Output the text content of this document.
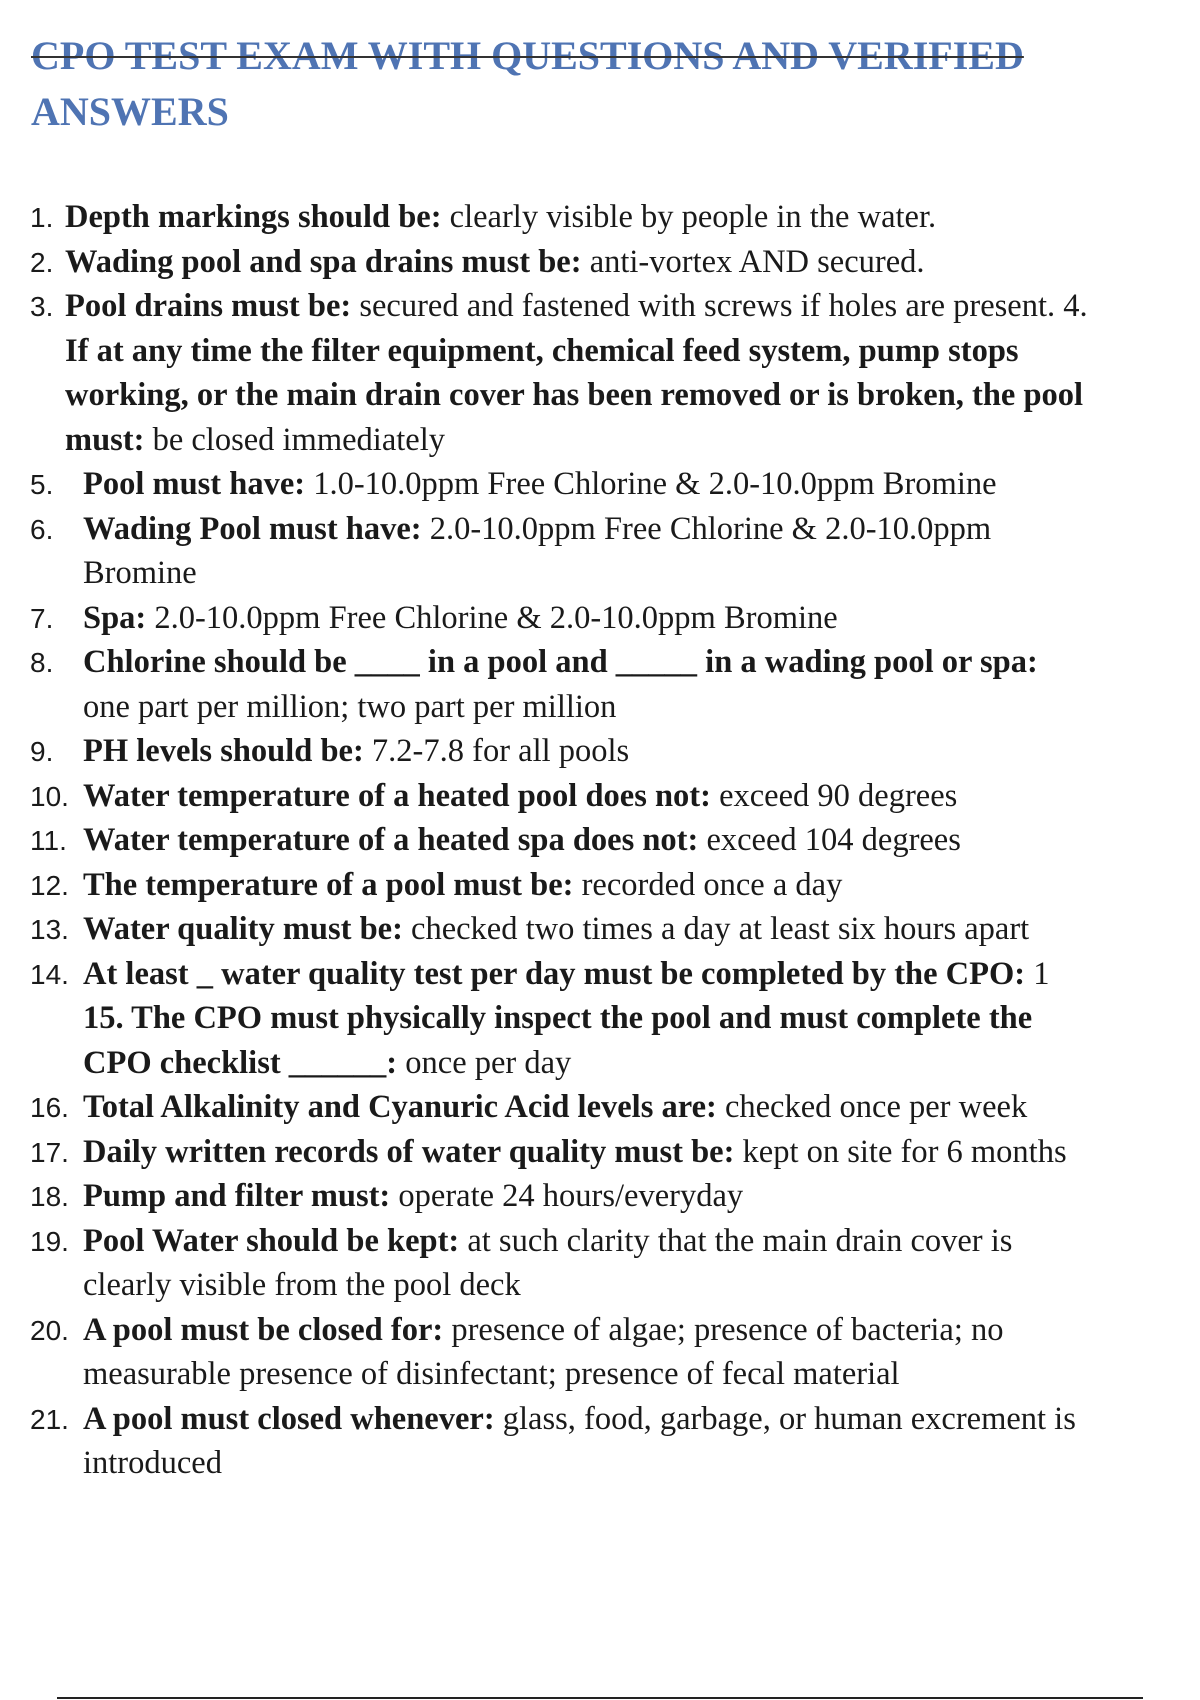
CPO TEST EXAM WITH QUESTIONS AND VERIFIED
ANSWERS
1. Depth markings should be: clearly visible by people in the water.
2. Wading pool and spa drains must be: anti-vortex AND secured.
3. Pool drains must be: secured and fastened with screws if holes are present. 4.
If at any time the filter equipment, chemical feed system, pump stops
working, or the main drain cover has been removed or is broken, the pool
must: be closed immediately
5. Pool must have: 1.0-10.0ppm Free Chlorine & 2.0-10.0ppm Bromine
6. Wading Pool must have: 2.0-10.0ppm Free Chlorine & 2.0-10.0ppm
Bromine
7. Spa: 2.0-10.0ppm Free Chlorine & 2.0-10.0ppm Bromine
8. Chlorine should be ____ in a pool and _____ in a wading pool or spa:
one part per million; two part per million
9. PH levels should be: 7.2-7.8 for all pools
10. Water temperature of a heated pool does not: exceed 90 degrees
11. Water temperature of a heated spa does not: exceed 104 degrees
12. The temperature of a pool must be: recorded once a day
13. Water quality must be: checked two times a day at least six hours apart
14. At least _ water quality test per day must be completed by the CPO: 1
15. The CPO must physically inspect the pool and must complete the
CPO checklist ______: once per day
16. Total Alkalinity and Cyanuric Acid levels are: checked once per week
17. Daily written records of water quality must be: kept on site for 6 months
18. Pump and filter must: operate 24 hours/everyday
19. Pool Water should be kept: at such clarity that the main drain cover is
clearly visible from the pool deck
20. A pool must be closed for: presence of algae; presence of bacteria; no
measurable presence of disinfectant; presence of fecal material
21. A pool must closed whenever: glass, food, garbage, or human excrement is
introduced
